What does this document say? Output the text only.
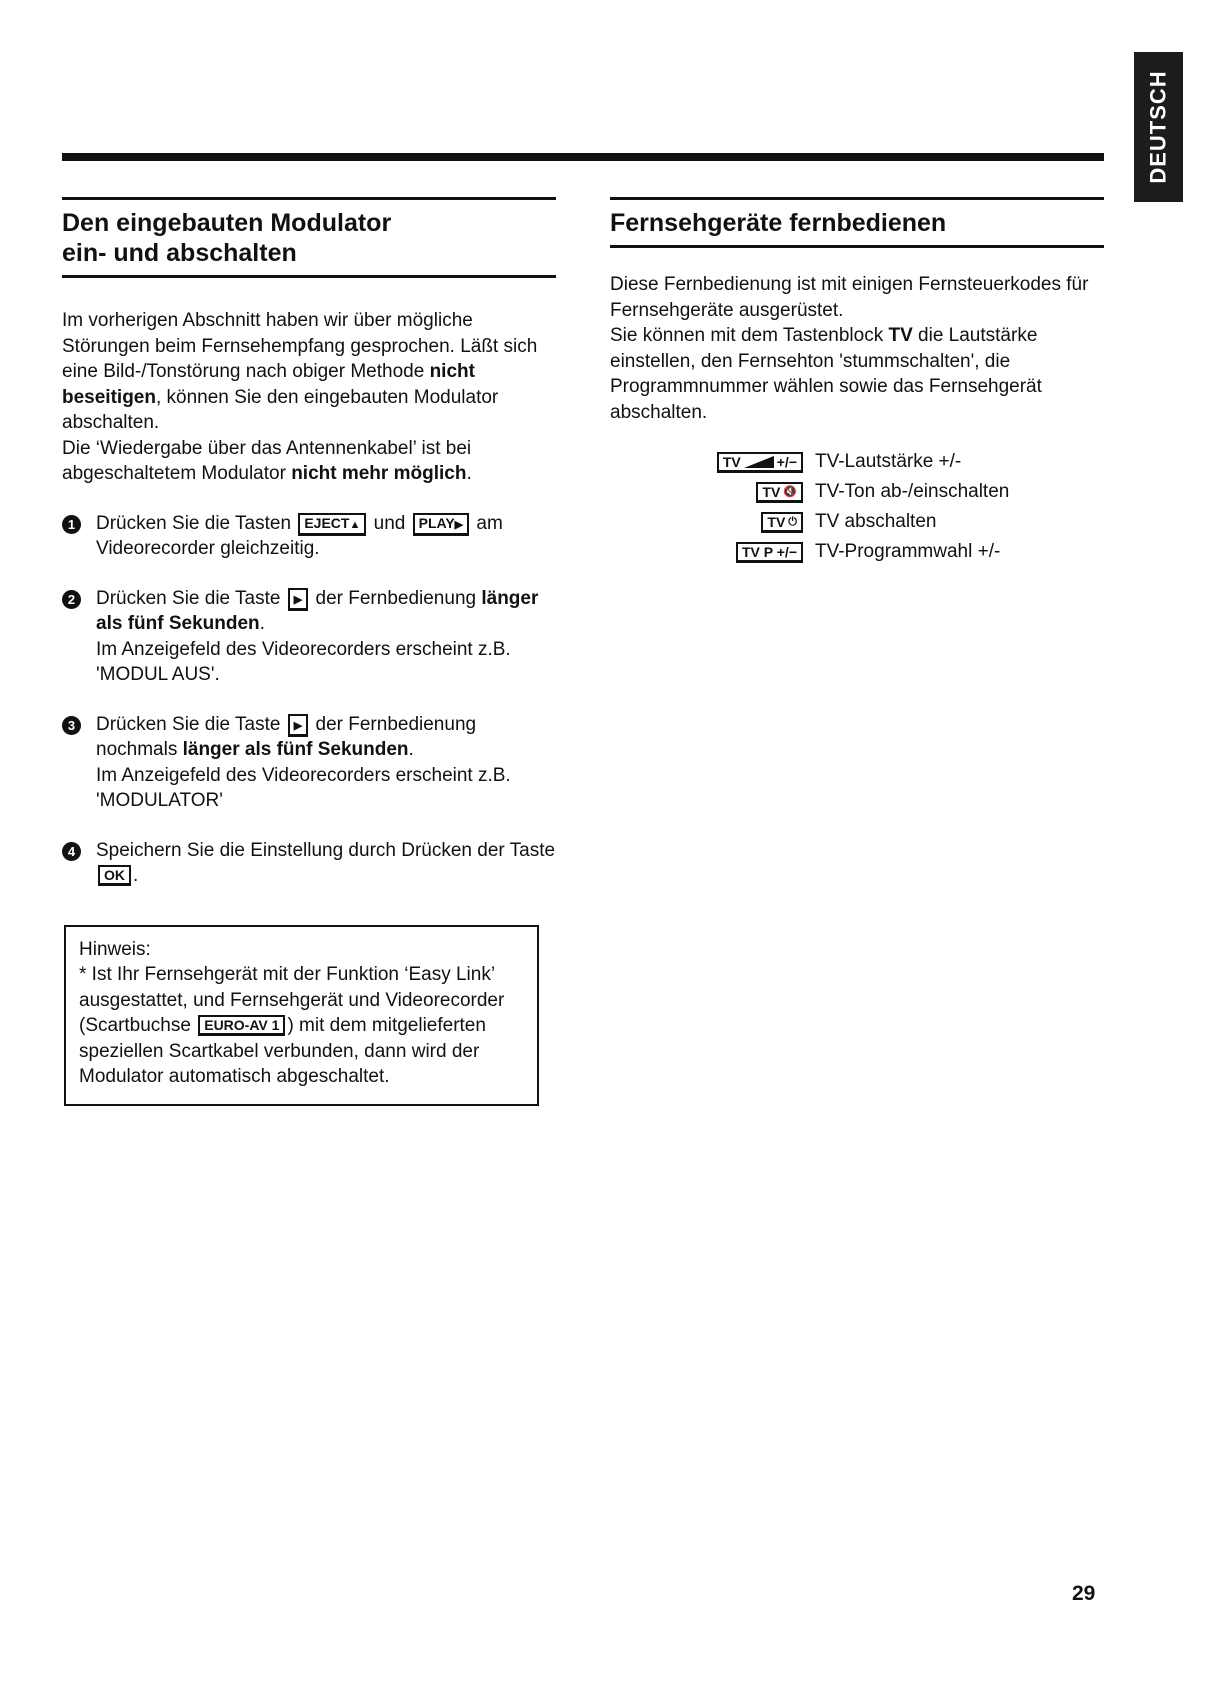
DEUTSCH
Den eingebauten Modulator
ein- und abschalten

Im vorherigen Abschnitt haben wir über mögliche Störungen beim Fernsehempfang gesprochen. Läßt sich eine Bild-/Tonstörung nach obiger Methode nicht beseitigen, können Sie den eingebauten Modulator abschalten.
Die ‘Wiedergabe über das Antennenkabel’ ist bei abgeschaltetem Modulator nicht mehr möglich.

1	Drücken Sie die Tasten EJECT▲ und PLAY▶ am Videorecorder gleichzeitig.

2	Drücken Sie die Taste ▶ der Fernbedienung länger als fünf Sekunden.
Im Anzeigefeld des Videorecorders erscheint z.B. 'MODUL AUS'.

3	Drücken Sie die Taste ▶ der Fernbedienung nochmals länger als fünf Sekunden.
Im Anzeigefeld des Videorecorders erscheint z.B. 'MODULATOR'

4	Speichern Sie die Einstellung durch Drücken der Taste OK .

Hinweis:

* Ist Ihr Fernsehgerät mit der Funktion ‘Easy Link’ ausgestattet, und Fernsehgerät und Videorecorder (Scartbuchse EURO-AV 1 ) mit dem mitgelieferten speziellen Scartkabel verbunden, dann wird der Modulator automatisch abgeschaltet.

Fernsehgeräte fernbedienen

Diese Fernbedienung ist mit einigen Fernsteuerkodes für Fernsehgeräte ausgerüstet.
Sie können mit dem Tastenblock TV die Lautstärke einstellen, den Fernsehton 'stummschalten', die Programmnummer wählen sowie das Fernsehgerät abschalten.

TV	+/− TV-Lautstärke +/-
TV 🔇 TV-Ton ab-/einschalten
TV ⏻ TV abschalten
TV P +/− TV-Programmwahl +/-
29
